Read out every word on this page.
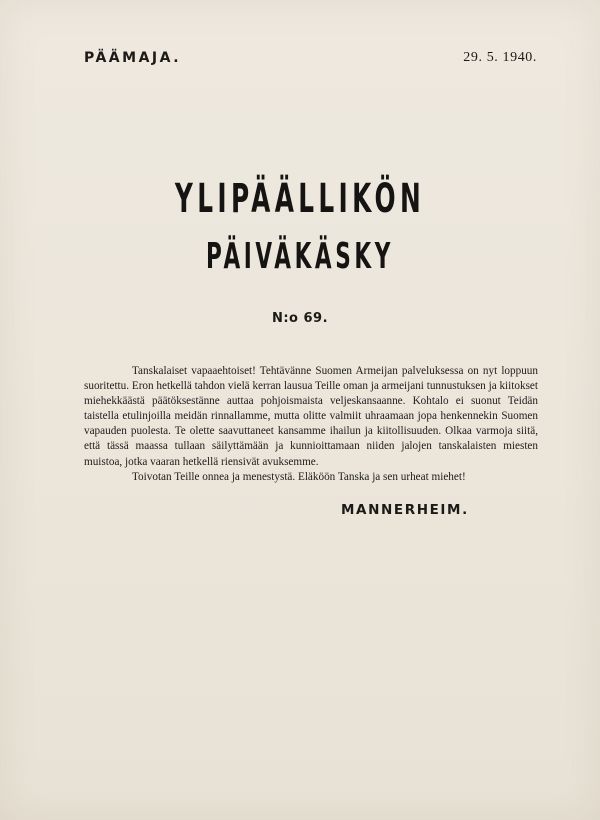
PÄÄMAJA.	29. 5. 1940.
YLIPÄÄLLIKÖN
PÄIVÄKÄSKY
N:o 69.

Tanskalaiset vapaaehtoiset! Tehtävänne Suomen Armeijan palveluksessa on nyt loppuun suoritettu. Eron hetkellä tahdon vielä kerran lausua Teille oman ja armeijani tunnustuksen ja kiitokset miehekkäästä päätöksestänne auttaa pohjoismaista veljeskansaanne. Kohtalo ei suonut Teidän taistella etulinjoilla meidän rinnallamme, mutta olitte valmiit uhraamaan jopa henkennekin Suomen vapauden puolesta. Te olette saavuttaneet kansamme ihailun ja kiitollisuuden. Olkaa varmoja siitä, että tässä maassa tullaan säilyttämään ja kunnioittamaan niiden jalojen tanskalaisten miesten muistoa, jotka vaaran hetkellä riensivät avuksemme.

Toivotan Teille onnea ja menestystä. Eläköön Tanska ja sen urheat miehet!

MANNERHEIM.
